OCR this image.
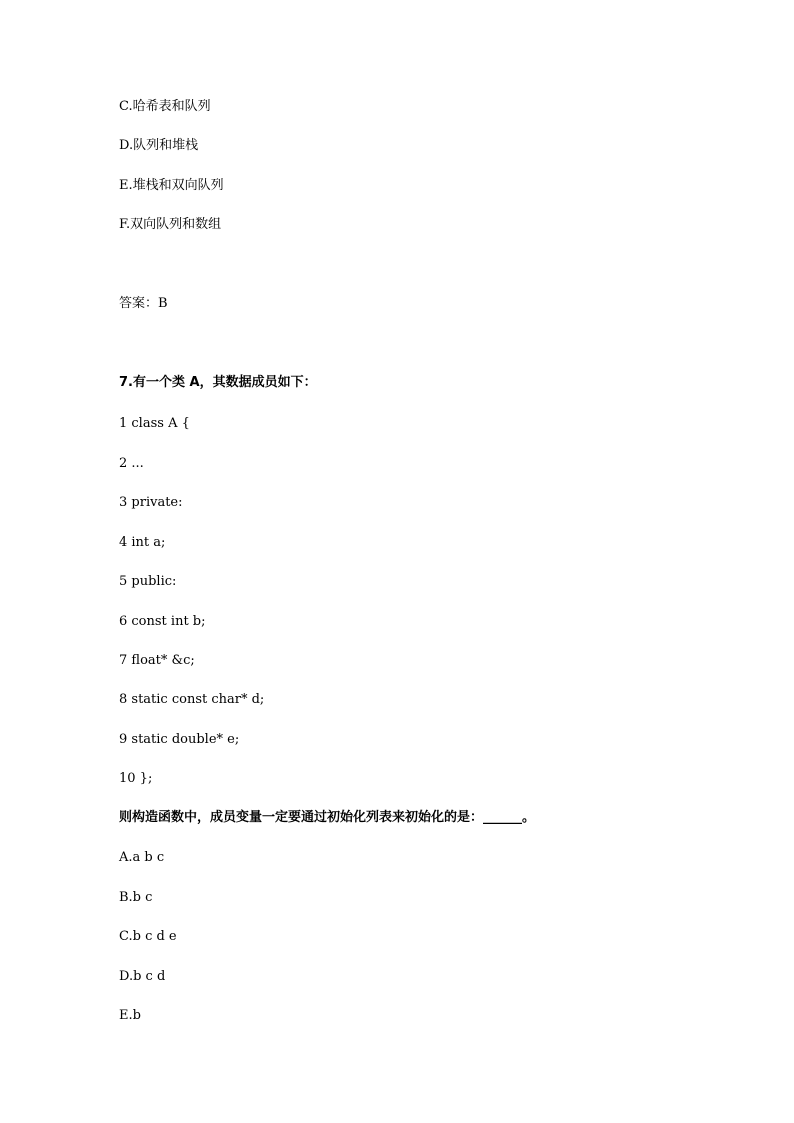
C.哈希表和队列
D.队列和堆栈
E.堆栈和双向队列
F.双向队列和数组
答案：B
7.有一个类 A，其数据成员如下：
1 class A {
2 ...
3 private:
4 int a;
5 public:
6 const int b;
7 float* &c;
8 static const char* d;
9 static double* e;
10 };
则构造函数中，成员变量一定要通过初始化列表来初始化的是：______。
A.a b c
B.b c
C.b c d e
D.b c d
E.b
